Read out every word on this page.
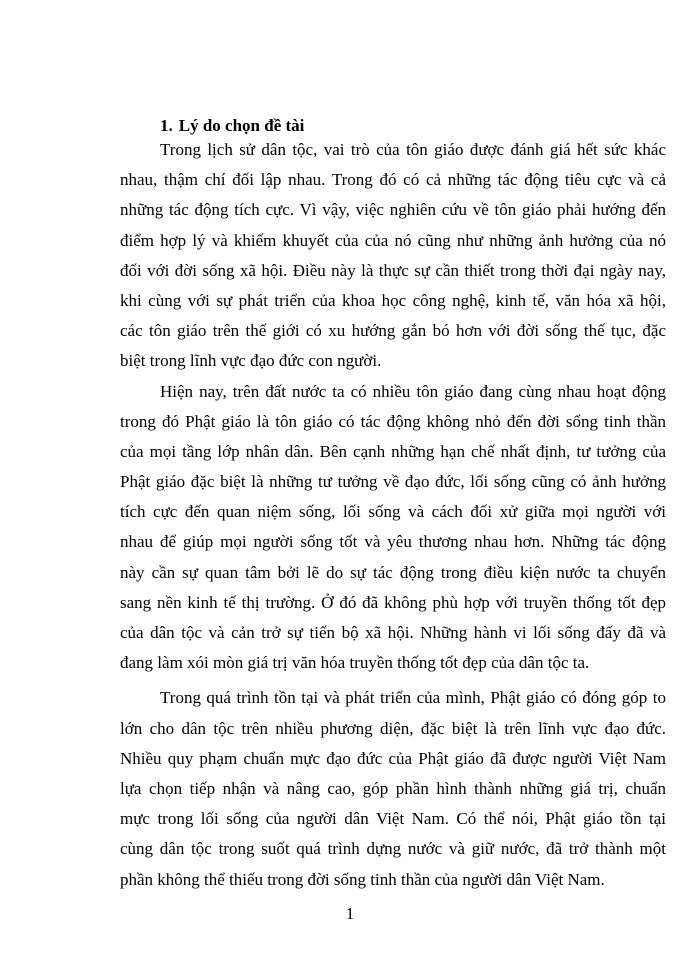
1. Lý do chọn đề tài
Trong lịch sử dân tộc, vai trò của tôn giáo được đánh giá hết sức khác
nhau, thậm chí đối lập nhau. Trong đó có cả những tác động tiêu cực và cả
những tác động tích cực. Vì vậy, việc nghiên cứu về tôn giáo phải hướng đến
điểm hợp lý và khiếm khuyết của của nó cũng như những ảnh hưởng của nó
đối với đời sống xã hội. Điều này là thực sự cần thiết trong thời đại ngày nay,
khi cùng với sự phát triển của khoa học công nghệ, kinh tế, văn hóa xã hội,
các tôn giáo trên thế giới có xu hướng gắn bó hơn với đời sống thế tục, đặc
biệt trong lĩnh vực đạo đức con người.
Hiện nay, trên đất nước ta có nhiều tôn giáo đang cùng nhau hoạt động
trong đó Phật giáo là tôn giáo có tác động không nhỏ đến đời sống tinh thần
của mọi tầng lớp nhân dân. Bên cạnh những hạn chế nhất định, tư tưởng của
Phật giáo đặc biệt là những tư tưởng về đạo đức, lối sống cũng có ảnh hưởng
tích cực đến quan niệm sống, lối sống và cách đối xử giữa mọi người với
nhau để giúp mọi người sống tốt và yêu thương nhau hơn. Những tác động
này cần sự quan tâm bởi lẽ do sự tác động trong điều kiện nước ta chuyển
sang nền kinh tế thị trường. Ở đó đã không phù hợp với truyền thống tốt đẹp
của dân tộc và cản trở sự tiến bộ xã hội. Những hành vi lối sống đấy đã và
đang làm xói mòn giá trị văn hóa truyền thống tốt đẹp của dân tộc ta.
Trong quá trình tồn tại và phát triển của mình, Phật giáo có đóng góp to
lớn cho dân tộc trên nhiều phương diện, đặc biệt là trên lĩnh vực đạo đức.
Nhiều quy phạm chuẩn mực đạo đức của Phật giáo đã được người Việt Nam
lựa chọn tiếp nhận và nâng cao, góp phần hình thành những giá trị, chuẩn
mực trong lối sống của người dân Việt Nam. Có thể nói, Phật giáo tồn tại
cùng dân tộc trong suốt quá trình dựng nước và giữ nước, đã trở thành một
phần không thể thiếu trong đời sống tinh thần của người dân Việt Nam.
1
